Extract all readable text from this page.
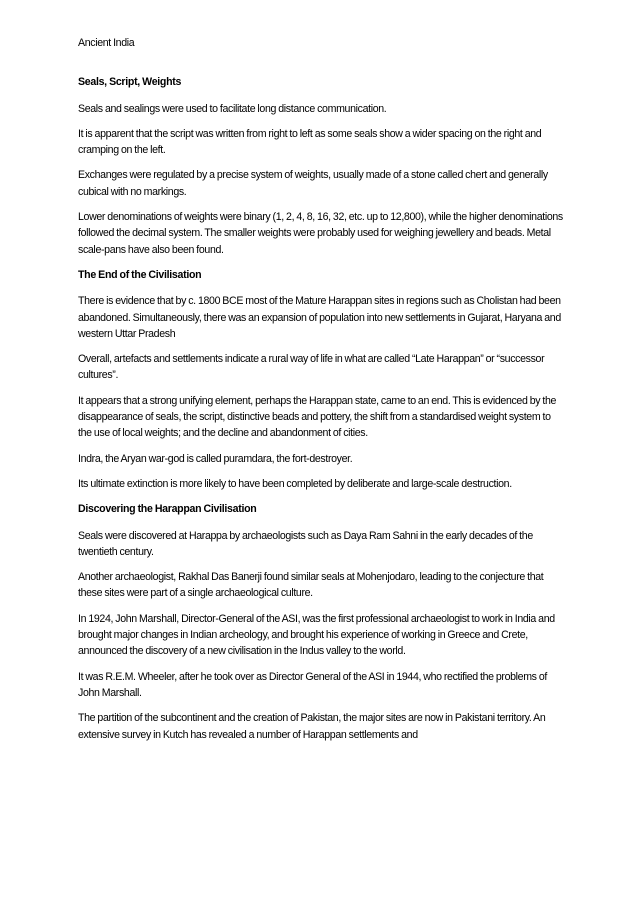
Ancient India
Seals, Script, Weights

Seals and sealings were used to facilitate long distance communication.

It is apparent that the script was written from right to left as some seals show a wider spacing on the right and cramping on the left.

Exchanges were regulated by a precise system of weights, usually made of a stone called chert and generally cubical with no markings.

Lower denominations of weights were binary (1, 2, 4, 8, 16, 32, etc. up to 12,800), while the higher denominations followed the decimal system. The smaller weights were probably used for weighing jewellery and beads. Metal scale-pans have also been found.

The End of the Civilisation

There is evidence that by c. 1800 BCE most of the Mature Harappan sites in regions such as Cholistan had been abandoned. Simultaneously, there was an expansion of population into new settlements in Gujarat, Haryana and western Uttar Pradesh

Overall, artefacts and settlements indicate a rural way of life in what are called “Late Harappan” or “successor cultures”.

It appears that a strong unifying element, perhaps the Harappan state, came to an end. This is evidenced by the disappearance of seals, the script, distinctive beads and pottery, the shift from a standardised weight system to the use of local weights; and the decline and abandonment of cities.

Indra, the Aryan war-god is called puramdara, the fort-destroyer.

Its ultimate extinction is more likely to have been completed by deliberate and large-scale destruction.

Discovering the Harappan Civilisation

Seals were discovered at Harappa by archaeologists such as Daya Ram Sahni in the early decades of the twentieth century.

Another archaeologist, Rakhal Das Banerji found similar seals at Mohenjodaro, leading to the conjecture that these sites were part of a single archaeological culture.

In 1924, John Marshall, Director-General of the ASI, was the first professional archaeologist to work in India and brought major changes in Indian archeology, and brought his experience of working in Greece and Crete, announced the discovery of a new civilisation in the Indus valley to the world.

It was R.E.M. Wheeler, after he took over as Director General of the ASI in 1944, who rectified the problems of John Marshall.

The partition of the subcontinent and the creation of Pakistan, the major sites are now in Pakistani territory. An extensive survey in Kutch has revealed a number of Harappan settlements and
